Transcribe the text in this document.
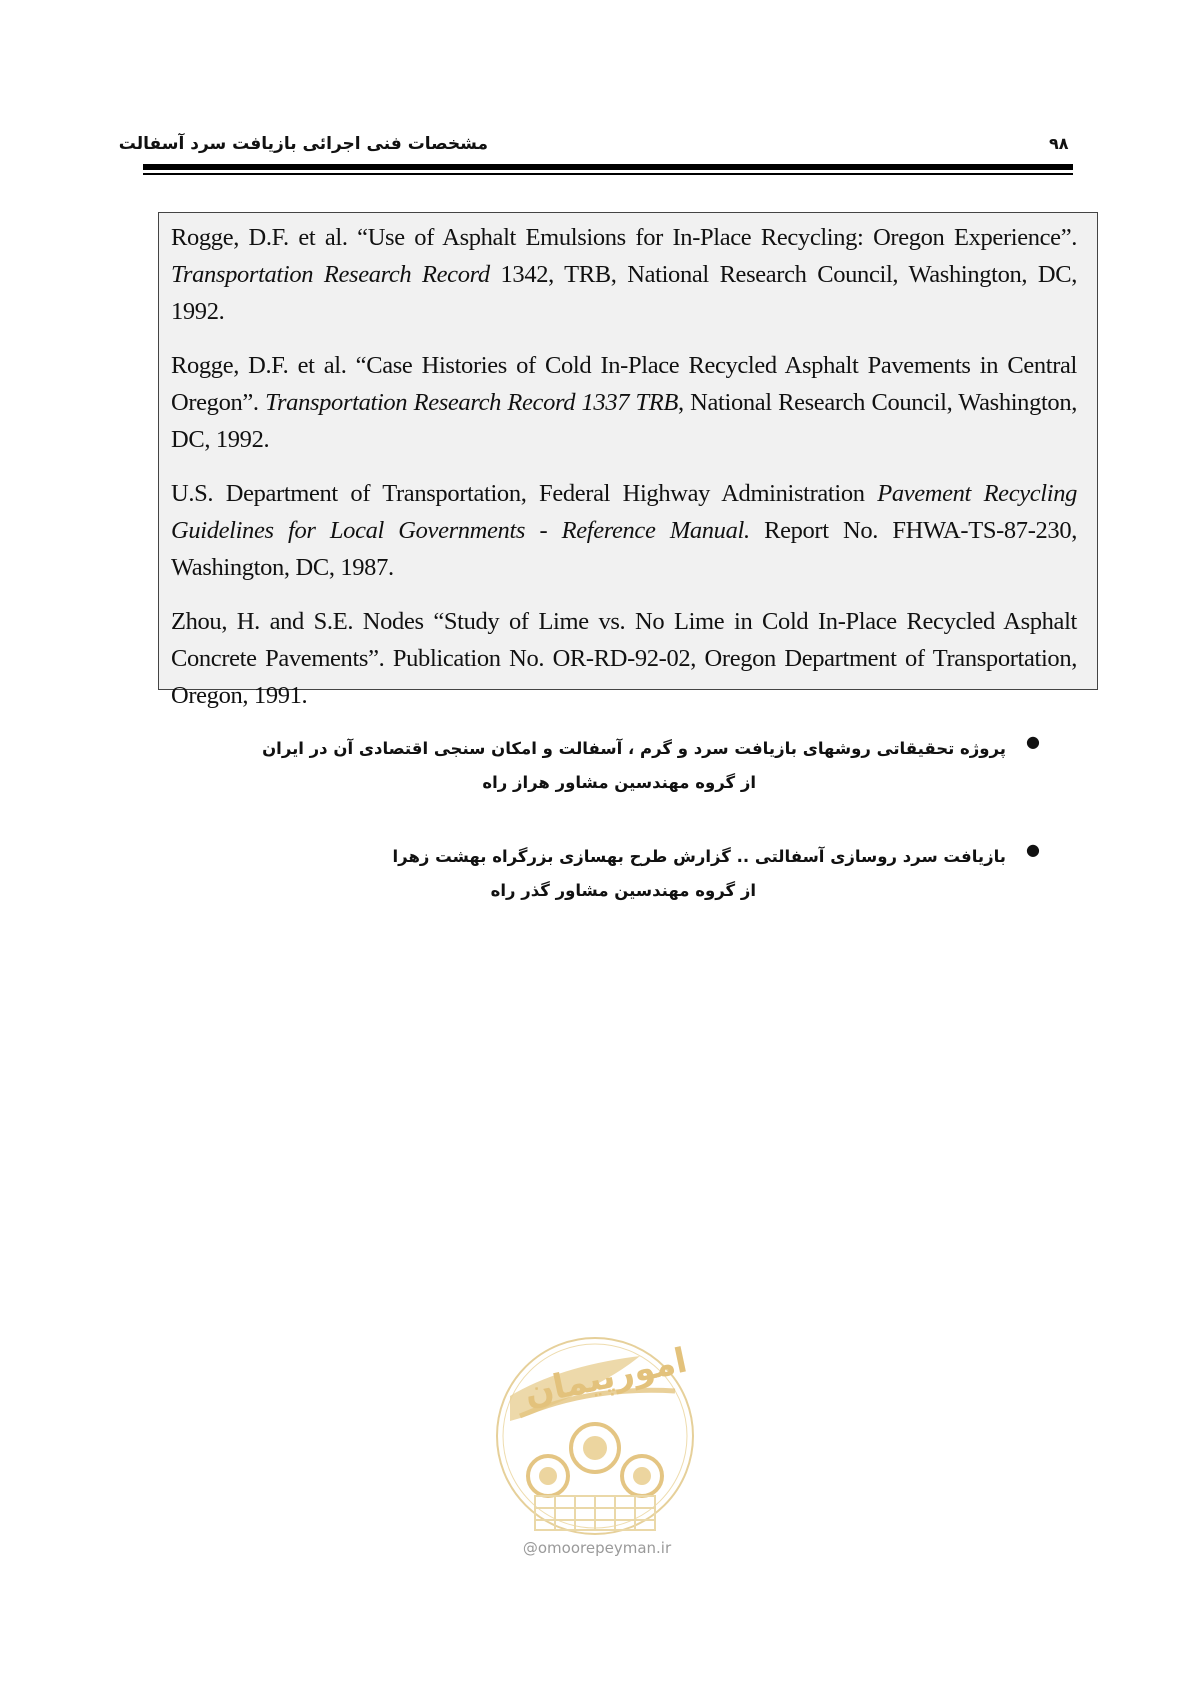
مشخصات فنی اجرائی بازیافت سرد آسفالت	۹۸

Rogge, D.F. et al. “Use of Asphalt Emulsions for In-Place Recycling: Oregon Experience”. Transportation Research Record 1342, TRB, National Research Council, Washington, DC, 1992.

Rogge, D.F. et al. “Case Histories of Cold In-Place Recycled Asphalt Pavements in Central Oregon”. Transportation Research Record 1337 TRB, National Research Council, Washington, DC, 1992.

U.S. Department of Transportation, Federal Highway Administration Pavement Recycling Guidelines for Local Governments - Reference Manual. Report No. FHWA-TS-87-230, Washington, DC, 1987.

Zhou, H. and S.E. Nodes “Study of Lime vs. No Lime in Cold In-Place Recycled Asphalt Concrete Pavements”. Publication No. OR-RD-92-02, Oregon Department of Transportation, Oregon, 1991.

●
پروژه تحقیقاتی روشهای بازیافت سرد و گرم ، آسفالت و امکان سنجی اقتصادی آن در ایران
از گروه مهندسین مشاور هراز راه
●
بازیافت سرد روسازی آسفالتی .. گزارش طرح بهسازی بزرگراه بهشت زهرا
از گروه مهندسین مشاور گذر راه
امورپیمان
@omoorepeyman.ir
